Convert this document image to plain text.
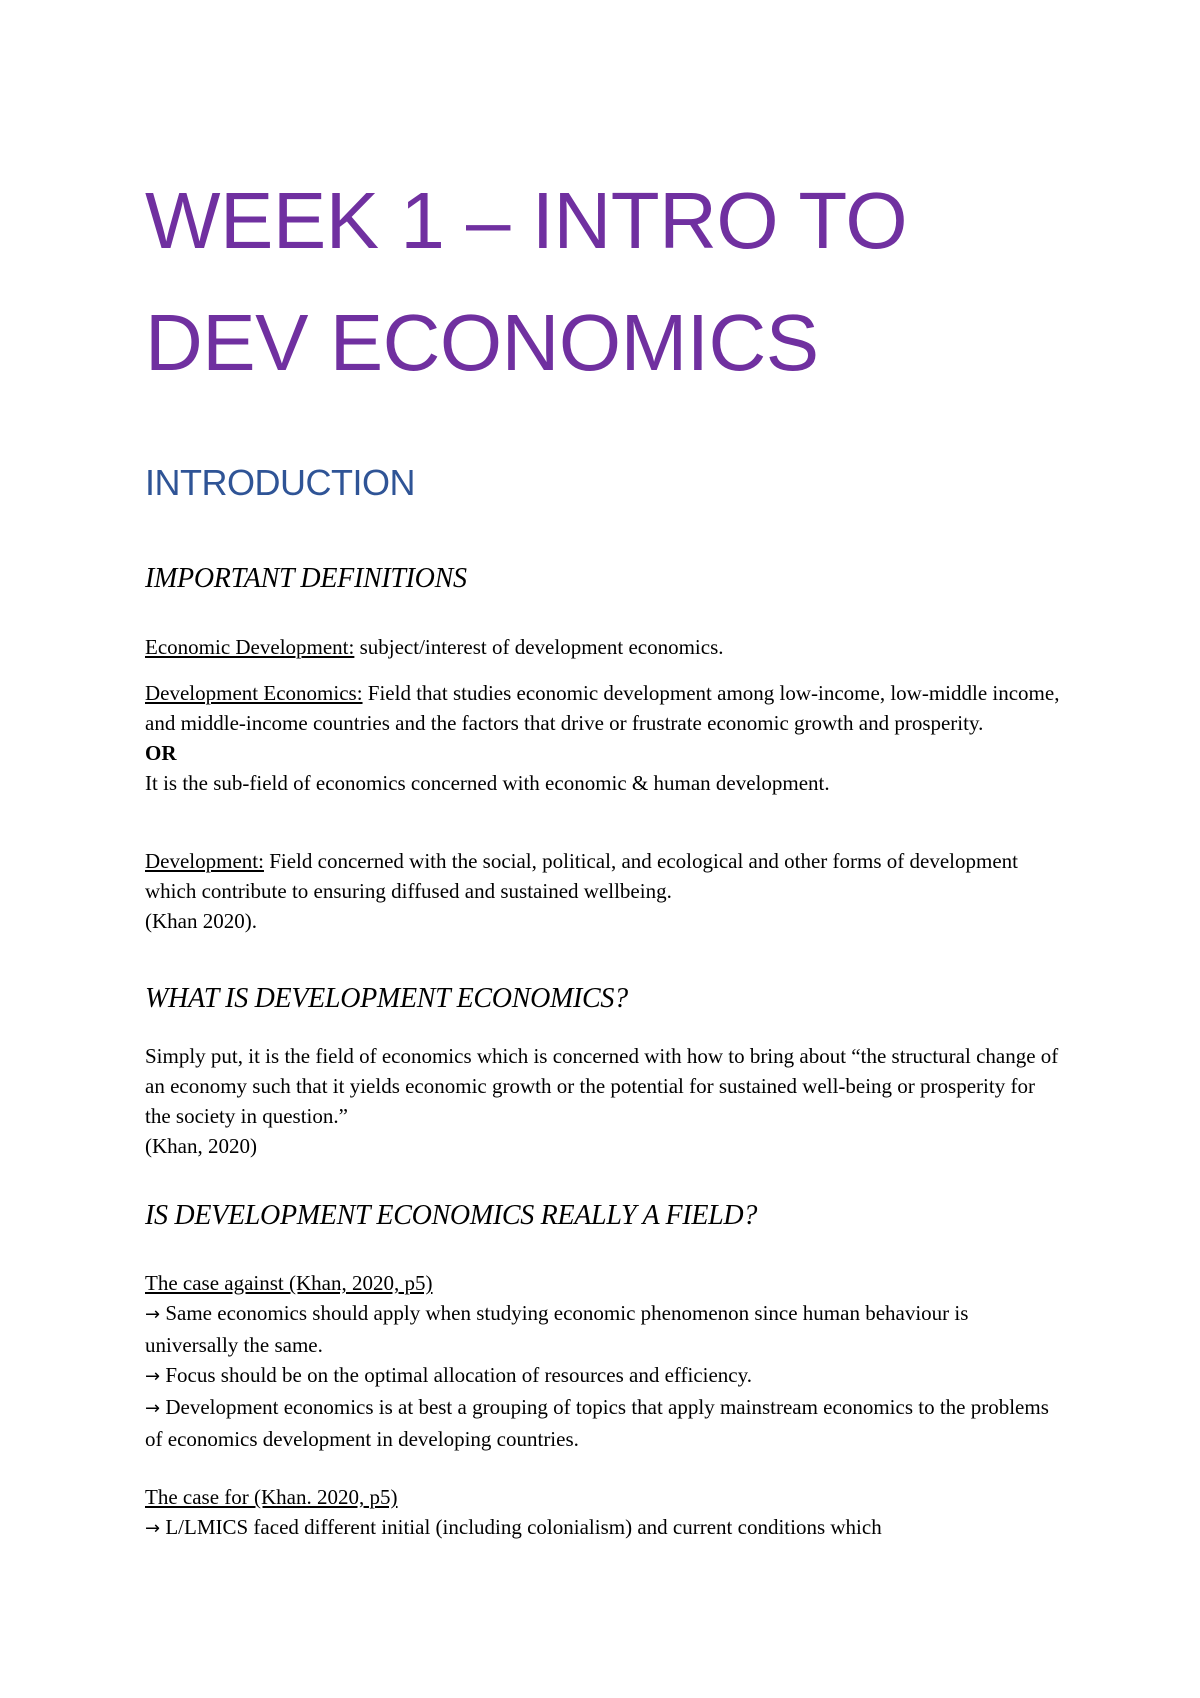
WEEK 1 – INTRO TO
DEV ECONOMICS
INTRODUCTION
IMPORTANT DEFINITIONS

Economic Development: subject/interest of development economics.

Development Economics: Field that studies economic development among low-income, low-middle income, and middle-income countries and the factors that drive or frustrate economic growth and prosperity.

OR

It is the sub-field of economics concerned with economic & human development.

Development: Field concerned with the social, political, and ecological and other forms of development which contribute to ensuring diffused and sustained wellbeing.

(Khan 2020).

WHAT IS DEVELOPMENT ECONOMICS?

Simply put, it is the field of economics which is concerned with how to bring about “the structural change of an economy such that it yields economic growth or the potential for sustained well-being or prosperity for the society in question.”

(Khan, 2020)

IS DEVELOPMENT ECONOMICS REALLY A FIELD?

The case against (Khan, 2020, p5)

→ Same economics should apply when studying economic phenomenon since human behaviour is universally the same.

→ Focus should be on the optimal allocation of resources and efficiency.

→ Development economics is at best a grouping of topics that apply mainstream economics to the problems of economics development in developing countries.

The case for (Khan. 2020, p5)

→ L/LMICS faced different initial (including colonialism) and current conditions which
